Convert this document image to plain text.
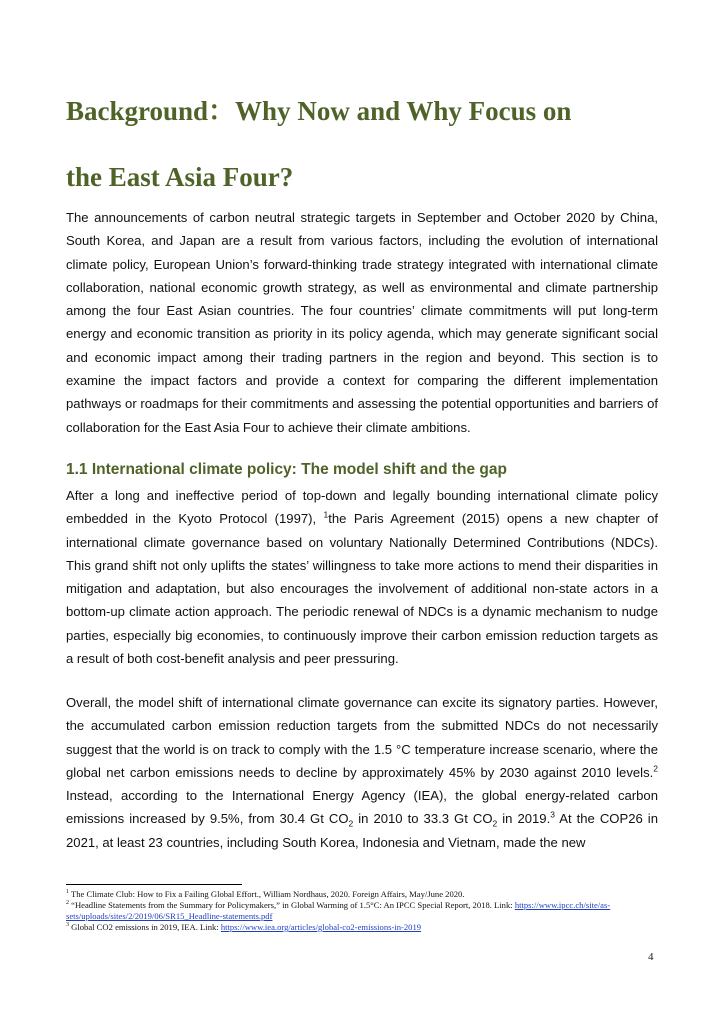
Background：Why Now and Why Focus on
the East Asia Four?

The announcements of carbon neutral strategic targets in September and October 2020 by China, South Korea, and Japan are a result from various factors, including the evolution of international climate policy, European Union’s forward-thinking trade strategy integrated with international climate collaboration, national economic growth strategy, as well as environmental and climate partnership among the four East Asian countries. The four countries’ climate commitments will put long-term energy and economic transition as priority in its policy agenda, which may generate significant social and economic impact among their trading partners in the region and beyond. This section is to examine the impact factors and provide a context for comparing the different implementation pathways or roadmaps for their commitments and assessing the potential opportunities and barriers of collaboration for the East Asia Four to achieve their climate ambitions.

1.1 International climate policy: The model shift and the gap

After a long and ineffective period of top-down and legally bounding international climate policy embedded in the Kyoto Protocol (1997), $^1$the Paris Agreement (2015) opens a new chapter of international climate governance based on voluntary Nationally Determined Contributions (NDCs). This grand shift not only uplifts the states’ willingness to take more actions to mend their disparities in mitigation and adaptation, but also encourages the involvement of additional non-state actors in a bottom-up climate action approach. The periodic renewal of NDCs is a dynamic mechanism to nudge parties, especially big economies, to continuously improve their carbon emission reduction targets as a result of both cost-benefit analysis and peer pressuring.

Overall, the model shift of international climate governance can excite its signatory parties. However, the accumulated carbon emission reduction targets from the submitted NDCs do not necessarily suggest that the world is on track to comply with the 1.5 °C temperature increase scenario, where the global net carbon emissions needs to decline by approximately 45% by 2030 against 2010 levels.$^2$ Instead, according to the International Energy Agency (IEA), the global energy-related carbon emissions increased by 9.5%, from 30.4 Gt $CO_2$ in 2010 to 33.3 Gt $CO_2$ in 2019.$^3$ At the COP26 in 2021, at least 23 countries, including South Korea, Indonesia and Vietnam, made the new

$^1$ The Climate Club: How to Fix a Failing Global Effort., William Nordhaus, 2020. Foreign Affairs, May/June 2020.

$^2$ “Headline Statements from the Summary for Policymakers,” in Global Warming of 1.5°C: An IPCC Special Report, 2018. Link: https://www.ipcc.ch/site/as- sets/uploads/sites/2/2019/06/SR15_Headline-statements.pdf

$^3$ Global CO2 emissions in 2019, IEA. Link: https://www.iea.org/articles/global-co2-emissions-in-2019

4
